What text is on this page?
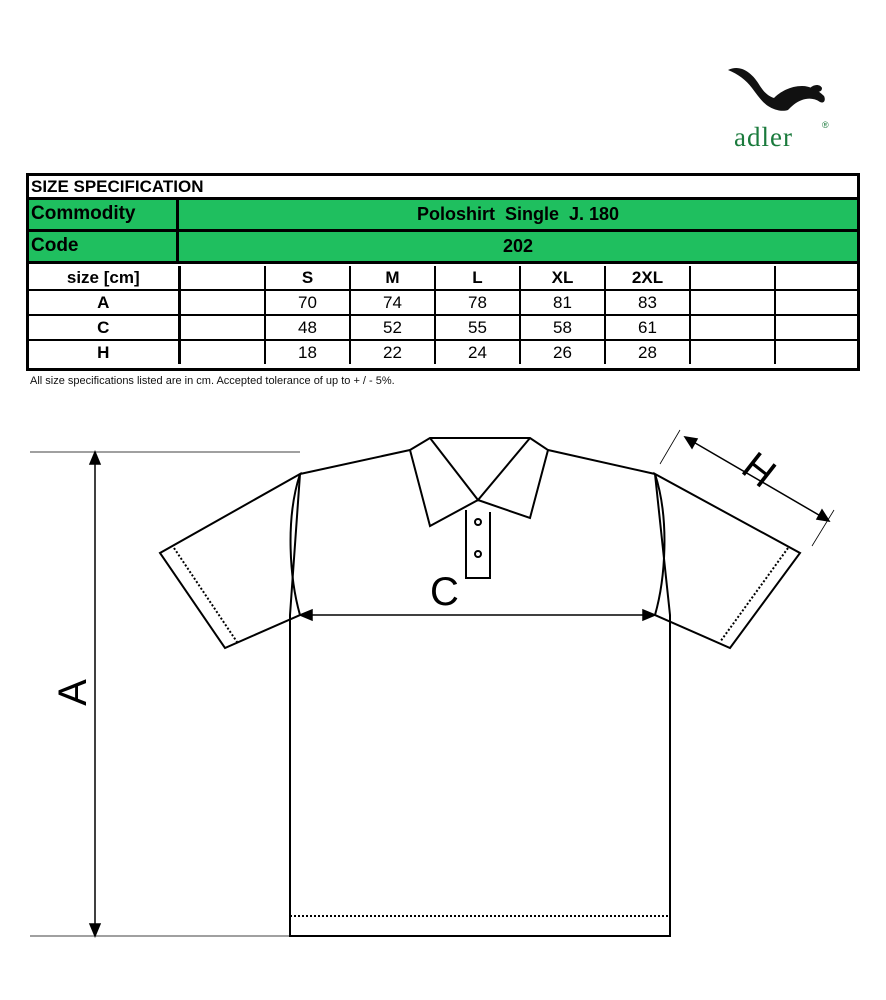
adler	®
SIZE SPECIFICATION
Commodity	Poloshirt  Single  J. 180
Code	202
size [cm]		S	M	L	XL	2XL		
A		70	74	78	81	83		
C		48	52	55	58	61		
H		18	22	24	26	28		
All size specifications listed are in cm. Accepted tolerance of up to + / - 5%.
C
A
H
